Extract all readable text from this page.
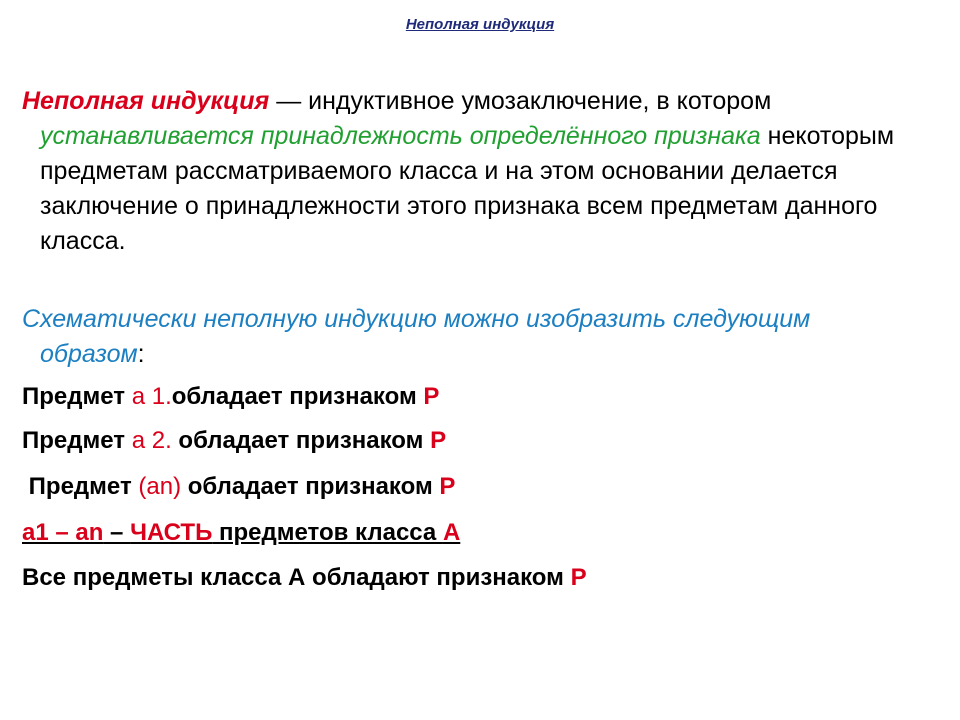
Неполная индукция
Неполная индукция — индуктивное умозаключение, в котором устанавливается принадлежность определённого признака некоторым предметам рассматриваемого класса и на этом основании делается заключение о принадлежности этого признака всем предметам данного класса.
Схематически неполную индукцию можно изобразить следующим образом:
Предмет а 1.обладает признаком Р
Предмет а 2. обладает признаком Р
Предмет (аn) обладает признаком Р
а1 – аn – ЧАСТЬ предметов класса А
Все предметы класса А обладают признаком Р
